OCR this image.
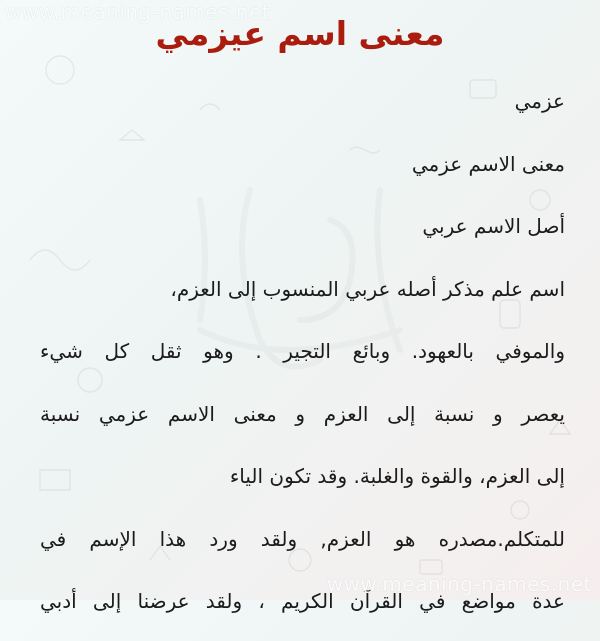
www.meaning-names.net
معنى اسم عيزمي
عزمي
معنى الاسم عزمي
أصل الاسم عربي
اسم علم مذكر أصله عربي المنسوب إلى العزم،
والموفي بالعهود. وبائع التجير . وهو ثقل كل شيء
يعصر و نسبة إلى العزم و معنى الاسم عزمي نسبة
إلى العزم، والقوة والغلبة. وقد تكون الياء
للمتكلم.مصدره هو العزم, ولقد ورد هذا الإسم في
عدة مواضع في القرآن الكريم ، ولقد عرضنا إلى أدبي
www.meaning-names.net
